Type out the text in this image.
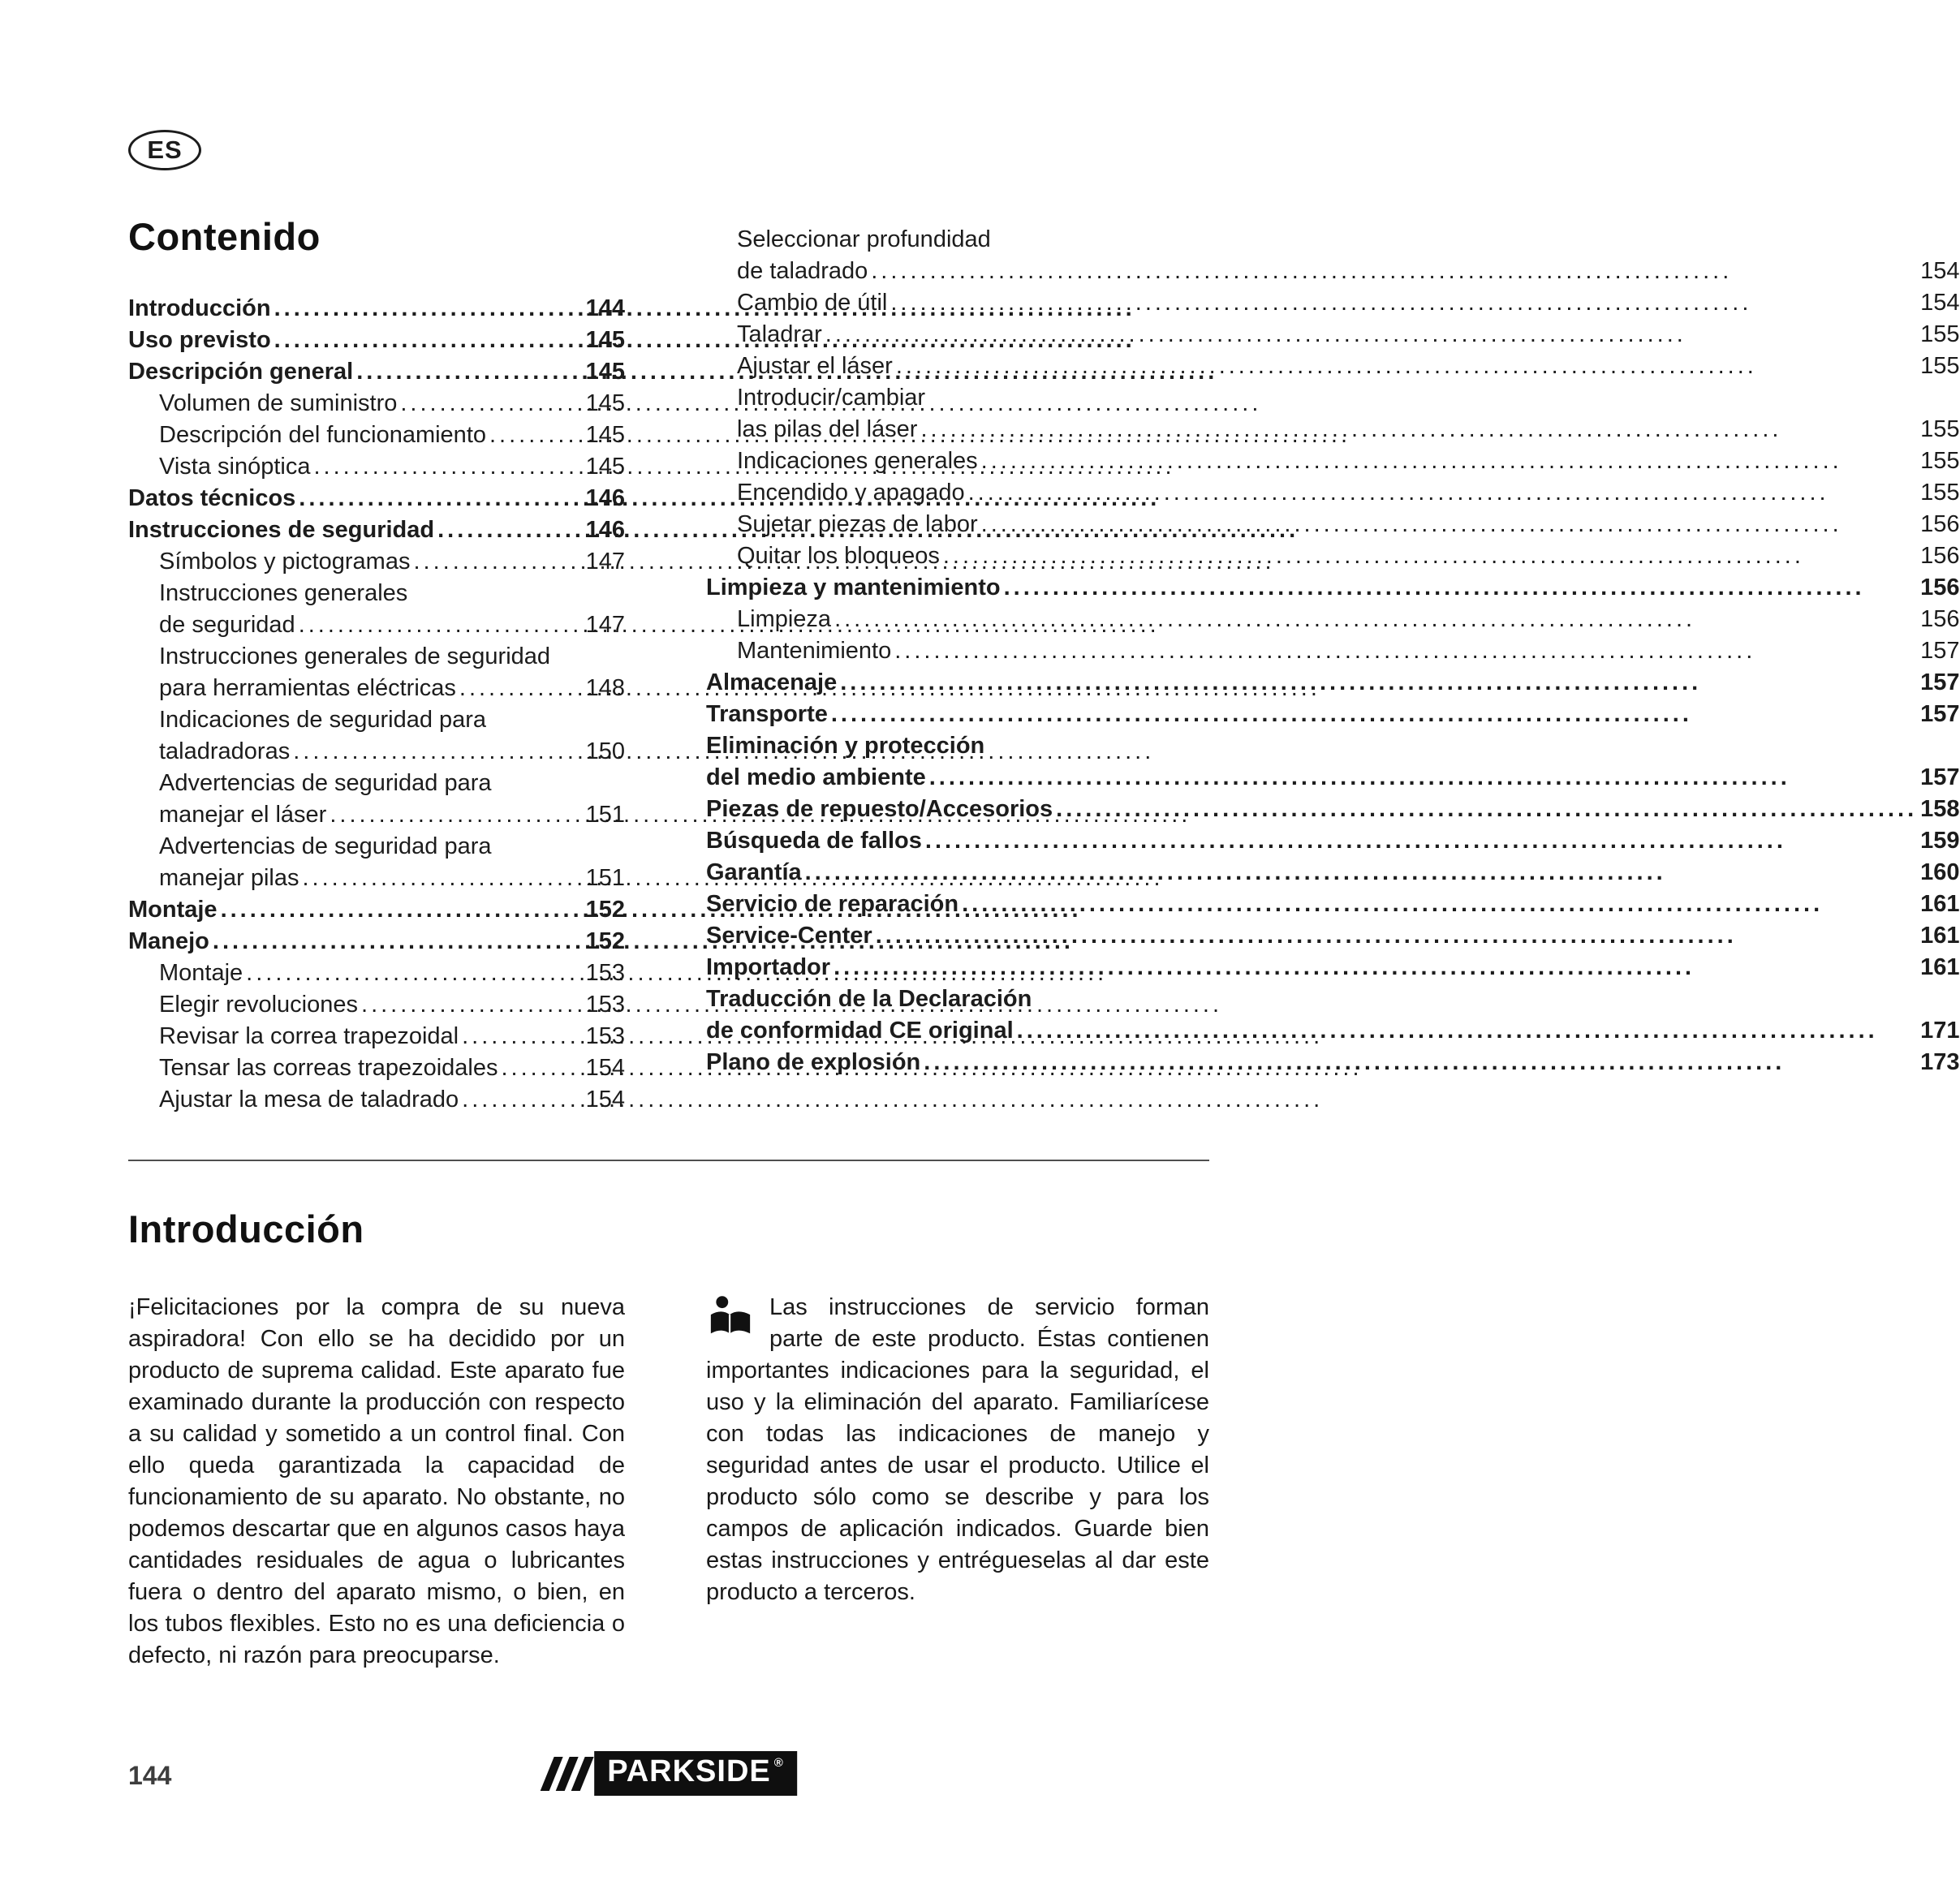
ES
Contenido
Introducción .....	144
Uso previsto .....	145
Descripción general .....	145
Volumen de suministro .....	145
Descripción del funcionamiento .....	145
Vista sinóptica .....	145
Datos técnicos .....	146
Instrucciones de seguridad .....	146
Símbolos y pictogramas .....	147
Instrucciones generales
de seguridad .....	147
Instrucciones generales de seguridad
para herramientas eléctricas .....	148
Indicaciones de seguridad para
taladradoras .....	150
Advertencias de seguridad para
manejar el láser .....	151
Advertencias de seguridad para
manejar pilas .....	151
Montaje .....	152
Manejo .....	152
Montaje .....	153
Elegir revoluciones .....	153
Revisar la correa trapezoidal .....	153
Tensar las correas trapezoidales .....	154
Ajustar la mesa de taladrado .....	154
Seleccionar profundidad
de taladrado .....	154
Cambio de útil .....	154
Taladrar .....	155
Ajustar el láser .....	155
Introducir/cambiar
las pilas del láser .....	155
Indicaciones generales .....	155
Encendido y apagado .....	155
Sujetar piezas de labor .....	156
Quitar los bloqueos .....	156
Limpieza y mantenimiento .....	156
Limpieza .....	156
Mantenimiento .....	157
Almacenaje .....	157
Transporte .....	157
Eliminación y protección
del medio ambiente .....	157
Piezas de repuesto/Accesorios .....	158
Búsqueda de fallos .....	159
Garantía .....	160
Servicio de reparación .....	161
Service-Center .....	161
Importador .....	161
Traducción de la Declaración
de conformidad CE original .....	171
Plano de explosión .....	173
Introducción

¡Felicitaciones por la compra de su nueva aspiradora! Con ello se ha decidido por un producto de suprema calidad. Este aparato fue examinado durante la producción con respecto a su calidad y sometido a un control final. Con ello queda garantizada la capacidad de funcionamiento de su aparato. No obstante, no podemos descartar que en algunos casos haya cantidades residuales de agua o lubricantes fuera o dentro del aparato mismo, o bien, en los tubos flexibles. Esto no es una deficiencia o defecto, ni razón para preocuparse.

Las instrucciones de servicio forman parte de este producto. Éstas contienen importantes indicaciones para la seguridad, el uso y la eliminación del aparato. Familiarícese con todas las indicaciones de manejo y seguridad antes de usar el producto. Utilice el producto sólo como se describe y para los campos de aplicación indicados. Guarde bien estas instrucciones y entrégueselas al dar este producto a terceros.
144	PARKSIDE ®
